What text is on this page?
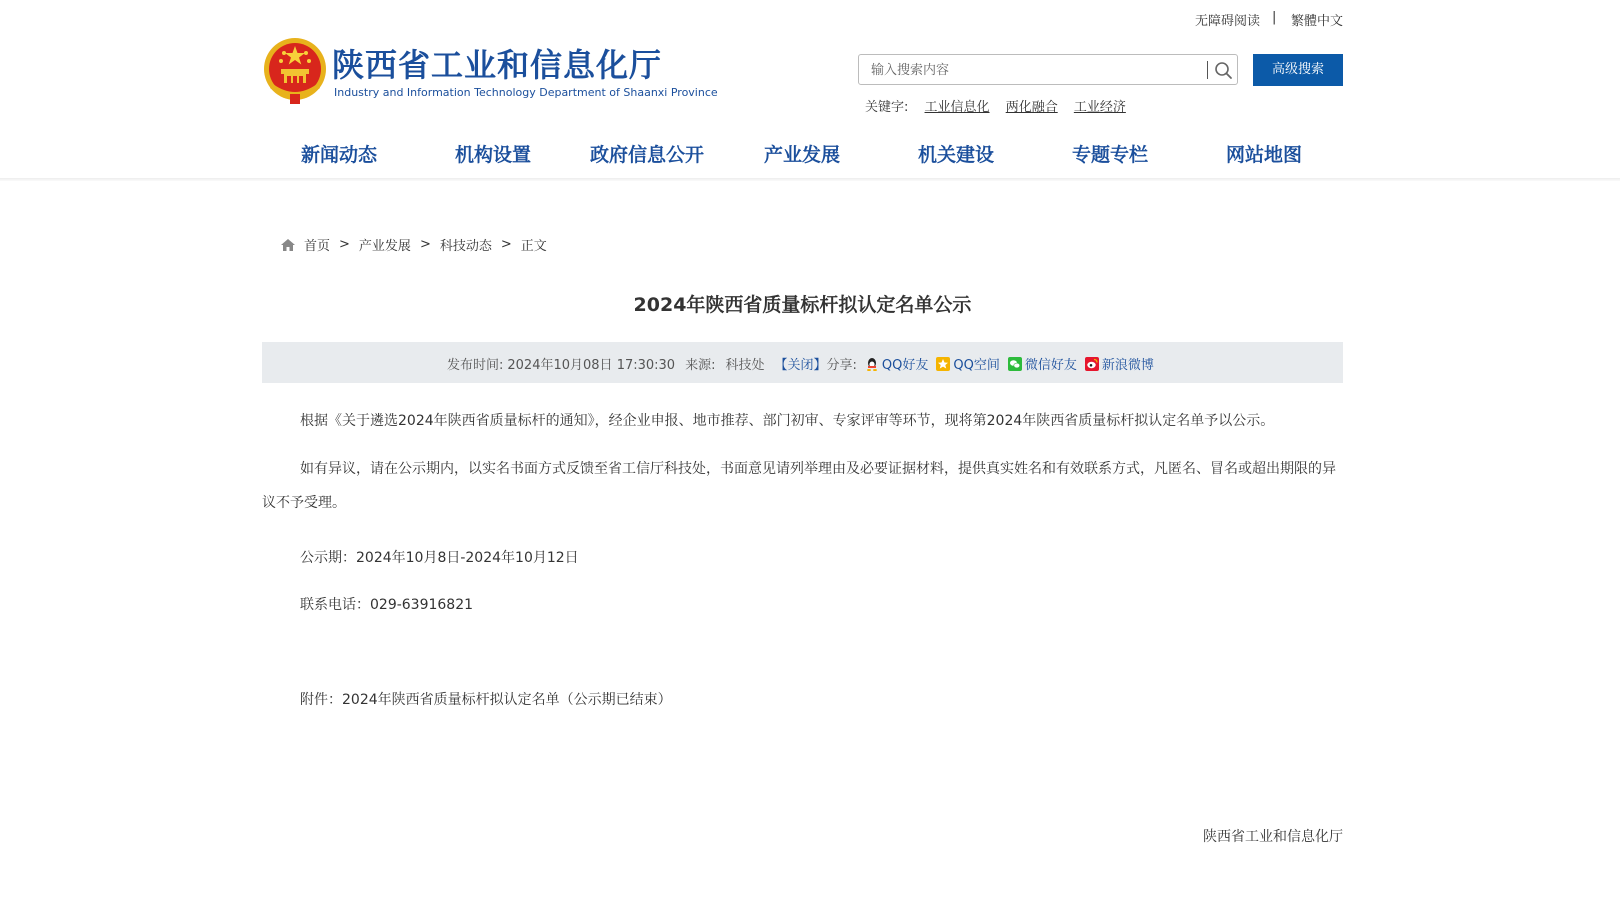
无障碍阅读 | 繁體中文
陕西省工业和信息化厅
Industry and Information Technology Department of Shaanxi Province
输入搜索内容
高级搜索
关键字: 工业信息化 两化融合 工业经济
新闻动态	机构设置	政府信息公开	产业发展	机关建设	专题专栏	网站地图
首页 > 产业发展 > 科技动态 > 正文
2024年陕西省质量标杆拟认定名单公示
发布时间: 2024年10月08日 17:30:30 来源: 科技处 【关闭】 分享: QQ好友 QQ空间 微信好友 新浪微博
根据《关于遴选2024年陕西省质量标杆的通知》，经企业申报、地市推荐、部门初审、专家评审等环节，现将第2024年陕西省质量标杆拟认定名单予以公示。
如有异议，请在公示期内，以实名书面方式反馈至省工信厅科技处，书面意见请列举理由及必要证据材料，提供真实姓名和有效联系方式，凡匿名、冒名或超出期限的异议不予受理。
公示期：2024年10月8日-2024年10月12日
联系电话：029-63916821
附件：2024年陕西省质量标杆拟认定名单（公示期已结束）
陕西省工业和信息化厅
